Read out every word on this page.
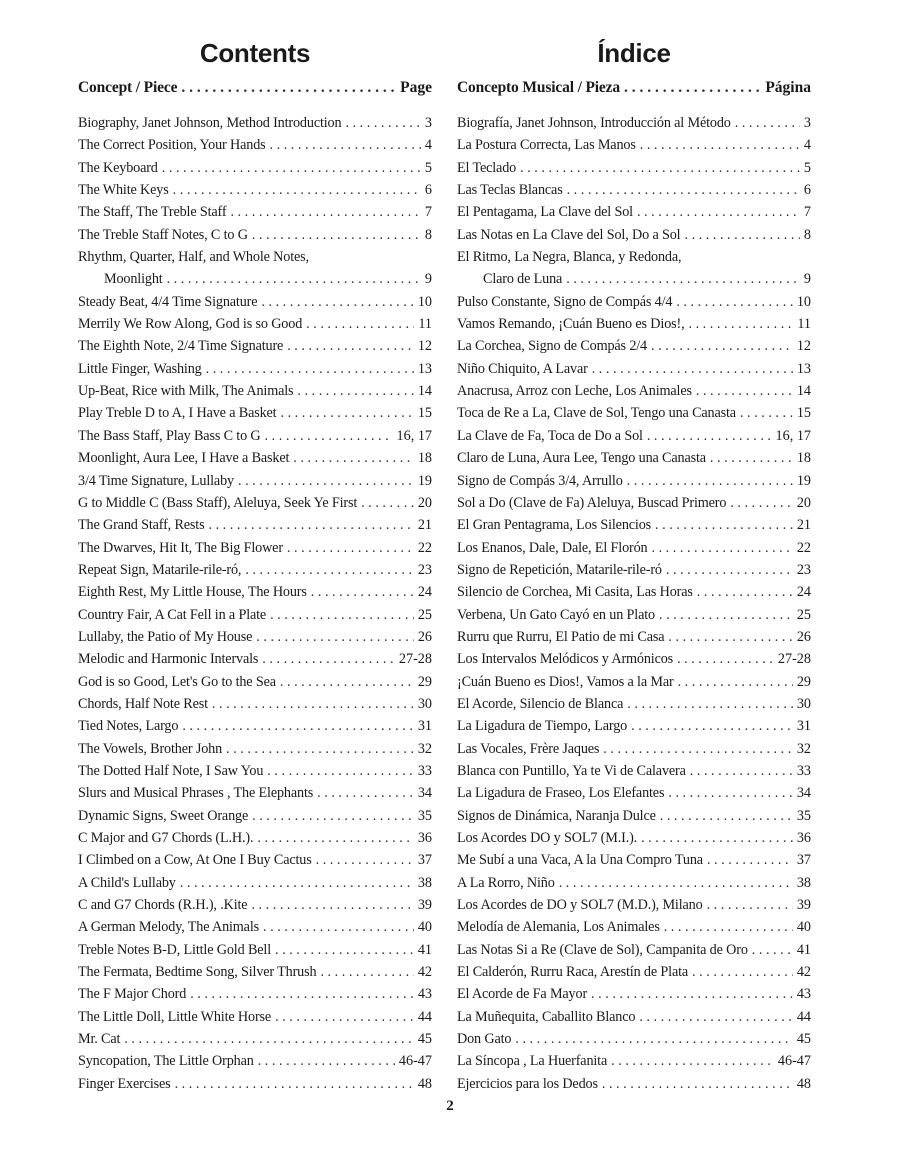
Contents
Concept / Piece . . .	Page
Biography, Janet Johnson, Method Introduction . . .	3
The Correct Position, Your Hands . . .	4
The Keyboard . . .	5
The White Keys . . .	6
The Staff, The Treble Staff . . .	7
The Treble Staff Notes, C to G . . .	8
Rhythm, Quarter, Half, and Whole Notes,
Moonlight . . .	9
Steady Beat, 4/4 Time Signature . . .	10
Merrily We Row Along, God is so Good . . .	11
The Eighth Note, 2/4 Time Signature . . .	12
Little Finger, Washing . . .	13
Up-Beat, Rice with Milk, The Animals . . .	14
Play Treble D to A, I Have a Basket . . .	15
The Bass Staff, Play Bass C to G . . .	16, 17
Moonlight, Aura Lee, I Have a Basket . . .	18
3/4 Time Signature, Lullaby . . .	19
G to Middle C (Bass Staff), Aleluya, Seek Ye First . . .	20
The Grand Staff, Rests . . .	21
The Dwarves, Hit It, The Big Flower . . .	22
Repeat Sign, Matarile-rile-ró, . . .	23
Eighth Rest, My Little House, The Hours . . .	24
Country Fair, A Cat Fell in a Plate . . .	25
Lullaby, the Patio of My House . . .	26
Melodic and Harmonic Intervals . . .	27-28
God is so Good, Let's Go to the Sea . . .	29
Chords, Half Note Rest . . .	30
Tied Notes, Largo . . .	31
The Vowels, Brother John . . .	32
The Dotted Half Note, I Saw You . . .	33
Slurs and Musical Phrases , The Elephants . . .	34
Dynamic Signs, Sweet Orange . . .	35
C Major and G7 Chords (L.H.). . . .	36
I Climbed on a Cow, At One I Buy Cactus . . .	37
A Child's Lullaby . . .	38
C and G7 Chords (R.H.), .Kite . . .	39
A German Melody, The Animals . . .	40
Treble Notes B-D, Little Gold Bell . . .	41
The Fermata, Bedtime Song, Silver Thrush . . .	42
The F Major Chord . . .	43
The Little Doll, Little White Horse . . .	44
Mr. Cat . . .	45
Syncopation, The Little Orphan . . .	46-47
Finger Exercises . . .	48
Índice
Concepto Musical / Pieza . . .	Página
Biografía, Janet Johnson, Introducción al Método . . .	3
La Postura Correcta, Las Manos . . .	4
El Teclado . . .	5
Las Teclas Blancas . . .	6
El Pentagama, La Clave del Sol . . .	7
Las Notas en La Clave del Sol, Do a Sol . . .	8
El Ritmo, La Negra, Blanca, y Redonda,
Claro de Luna . . .	9
Pulso Constante, Signo de Compás 4/4 . . .	10
Vamos Remando, ¡Cuán Bueno es Dios!, . . .	11
La Corchea, Signo de Compás 2/4 . . .	12
Niño Chiquito, A Lavar . . .	13
Anacrusa, Arroz con Leche, Los Animales . . .	14
Toca de Re a La, Clave de Sol, Tengo una Canasta . . .	15
La Clave de Fa, Toca de Do a Sol . . .	16, 17
Claro de Luna, Aura Lee, Tengo una Canasta . . .	18
Signo de Compás 3/4, Arrullo . . .	19
Sol a Do (Clave de Fa) Aleluya, Buscad Primero . . .	20
El Gran Pentagrama, Los Silencios . . .	21
Los Enanos, Dale, Dale, El Florón . . .	22
Signo de Repetición, Matarile-rile-ró . . .	23
Silencio de Corchea, Mi Casita, Las Horas . . .	24
Verbena, Un Gato Cayó en un Plato . . .	25
Rurru que Rurru, El Patio de mi Casa . . .	26
Los Intervalos Melódicos y Armónicos . . .	27-28
¡Cuán Bueno es Dios!, Vamos a la Mar . . .	29
El Acorde, Silencio de Blanca . . .	30
La Ligadura de Tiempo, Largo . . .	31
Las Vocales, Frère Jaques . . .	32
Blanca con Puntillo, Ya te Vi de Calavera . . .	33
La Ligadura de Fraseo, Los Elefantes . . .	34
Signos de Dinámica, Naranja Dulce . . .	35
Los Acordes DO y SOL7 (M.I.). . . .	36
Me Subí a una Vaca, A la Una Compro Tuna . . .	37
A La Rorro, Niño . . .	38
Los Acordes de DO y SOL7 (M.D.), Milano . . .	39
Melodía de Alemania, Los Animales . . .	40
Las Notas Si a Re (Clave de Sol), Campanita de Oro . . .	41
El Calderón, Rurru Raca, Arestín de Plata . . .	42
El Acorde de Fa Mayor . . .	43
La Muñequita, Caballito Blanco . . .	44
Don Gato . . .	45
La Síncopa , La Huerfanita . . .	46-47
Ejercicios para los Dedos . . .	48
2
